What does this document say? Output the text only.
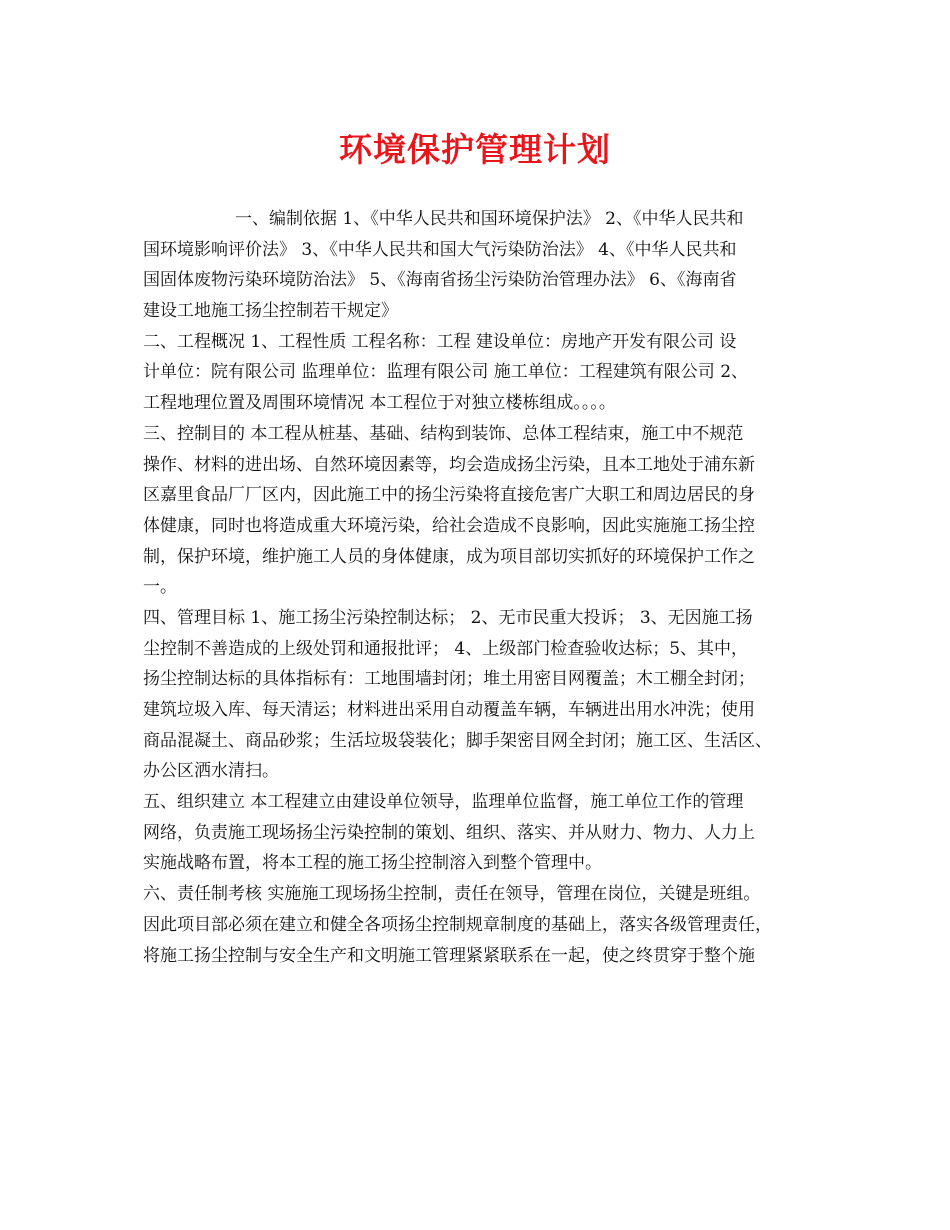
环境保护管理计划
一、编制依据 1、《中华人民共和国环境保护法》 2、《中华人民共和
国环境影响评价法》 3、《中华人民共和国大气污染防治法》 4、《中华人民共和
国固体废物污染环境防治法》 5、《海南省扬尘污染防治管理办法》 6、《海南省
建设工地施工扬尘控制若干规定》
二、工程概况 1、工程性质 工程名称：工程 建设单位：房地产开发有限公司 设
计单位：院有限公司 监理单位：监理有限公司 施工单位：工程建筑有限公司 2、
工程地理位置及周围环境情况 本工程位于对独立楼栋组成。。。。
三、控制目的 本工程从桩基、基础、结构到装饰、总体工程结束，施工中不规范
操作、材料的进出场、自然环境因素等，均会造成扬尘污染，且本工地处于浦东新
区嘉里食品厂厂区内，因此施工中的扬尘污染将直接危害广大职工和周边居民的身
体健康，同时也将造成重大环境污染，给社会造成不良影响，因此实施施工扬尘控
制，保护环境，维护施工人员的身体健康，成为项目部切实抓好的环境保护工作之
一。
四、管理目标 1、施工扬尘污染控制达标； 2、无市民重大投诉； 3、无因施工扬
尘控制不善造成的上级处罚和通报批评； 4、上级部门检查验收达标；5、其中，
扬尘控制达标的具体指标有：工地围墙封闭；堆土用密目网覆盖；木工棚全封闭；
建筑垃圾入库、每天清运；材料进出采用自动覆盖车辆，车辆进出用水冲洗；使用
商品混凝土、商品砂浆；生活垃圾袋装化；脚手架密目网全封闭；施工区、生活区、
办公区洒水清扫。
五、组织建立 本工程建立由建设单位领导，监理单位监督，施工单位工作的管理
网络，负责施工现场扬尘污染控制的策划、组织、落实、并从财力、物力、人力上
实施战略布置，将本工程的施工扬尘控制溶入到整个管理中。
六、责任制考核 实施施工现场扬尘控制，责任在领导，管理在岗位，关键是班组。
因此项目部必须在建立和健全各项扬尘控制规章制度的基础上，落实各级管理责任，
将施工扬尘控制与安全生产和文明施工管理紧紧联系在一起，使之终贯穿于整个施
